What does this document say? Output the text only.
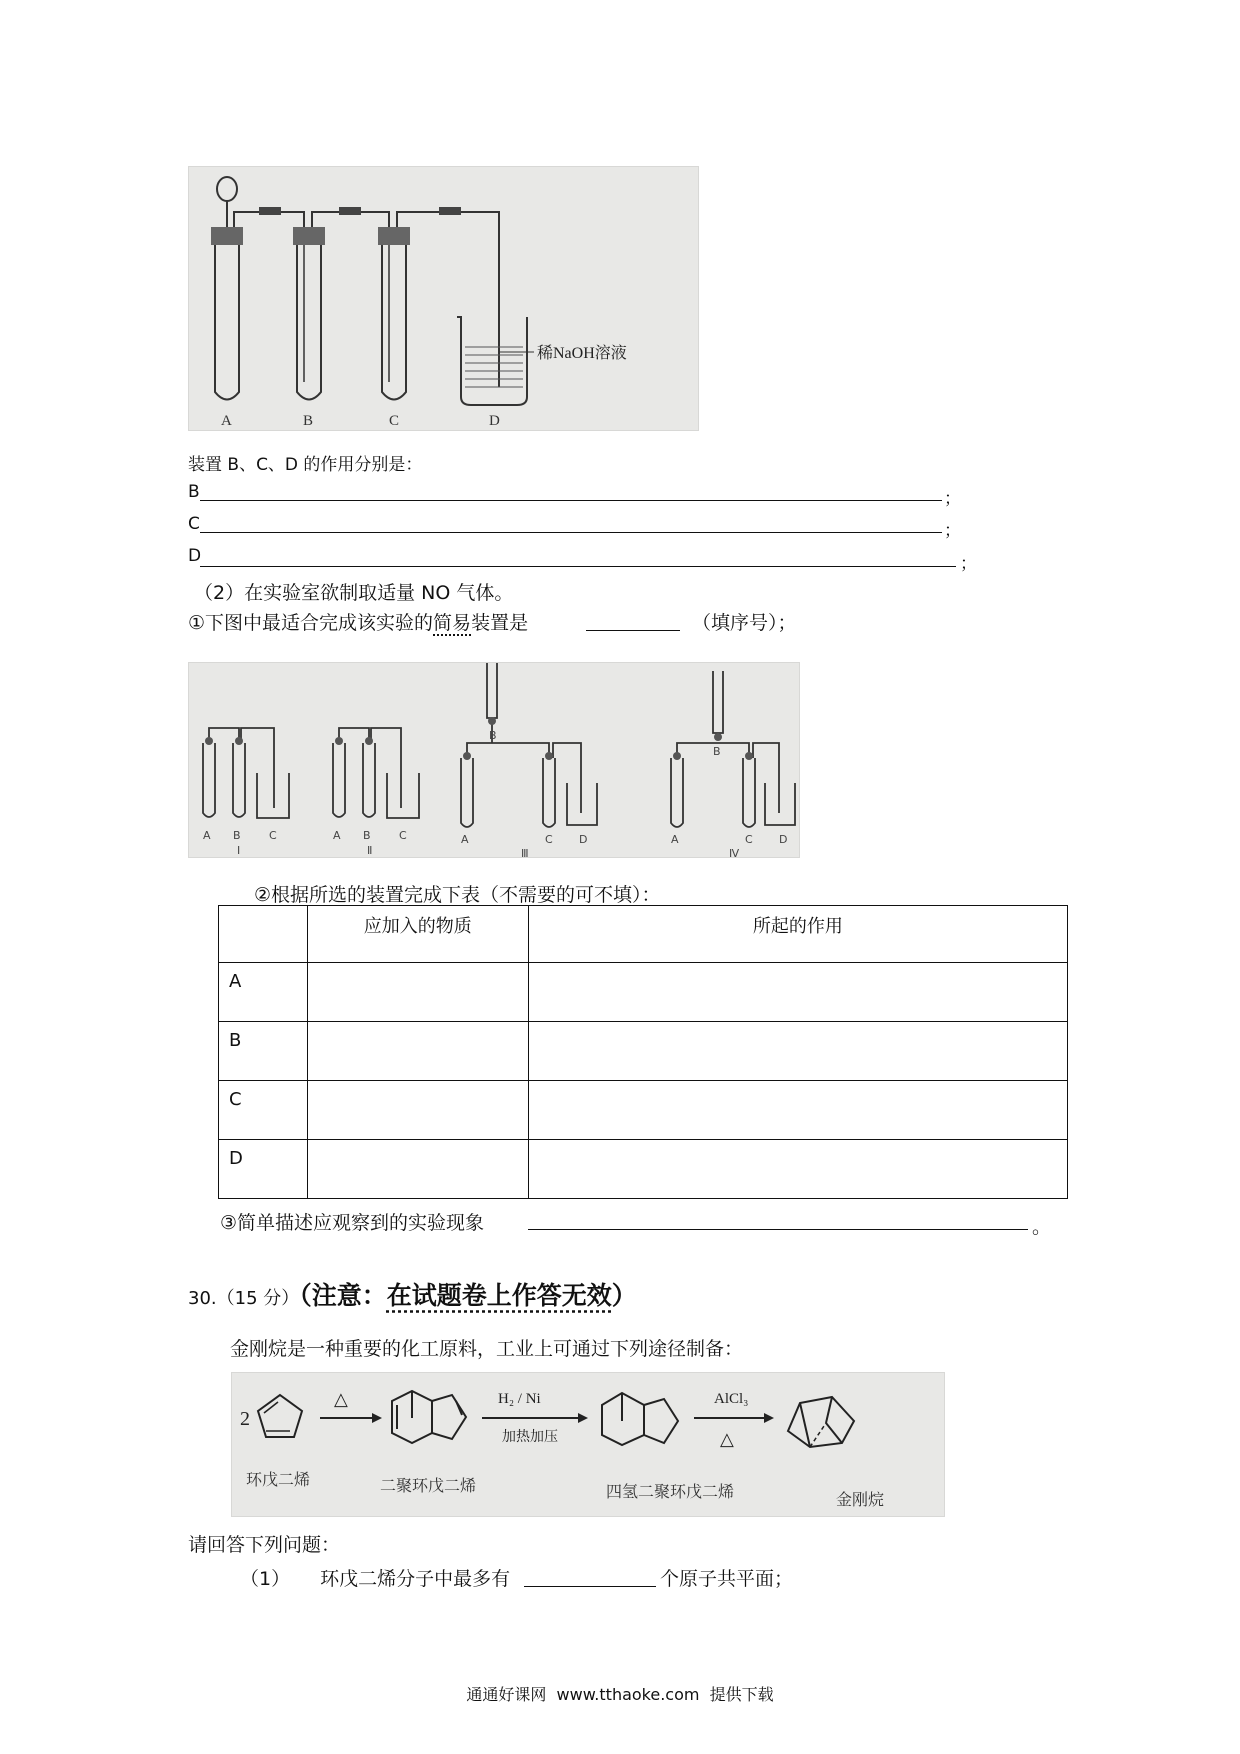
A	B	C	D
稀NaOH溶液
装置 B、C、D 的作用分别是：
B	；
C	；
D	；
（2）在实验室欲制取适量 NO 气体。
①下图中最适合完成该实验的简易装置是	（填序号）；
A B	C
Ⅰ
A B	C
Ⅱ
A
B
C D
Ⅲ
A
B
C D
Ⅳ
②根据所选的装置完成下表（不需要的可不填）：
	应加入的物质	所起的作用
A		
B		
C		
D		
③简单描述应观察到的实验现象	。
30.（15 分）（注意：在试题卷上作答无效）
金刚烷是一种重要的化工原料，工业上可通过下列途径制备：
2
△	H₂ / Ni
加热加压
AlCl₃
△
环戊二烯	二聚环戊二烯	四氢二聚环戊二烯	金刚烷
请回答下列问题：
（1） 环戊二烯分子中最多有	个原子共平面；
通通好课网  www.tthaoke.com  提供下载
